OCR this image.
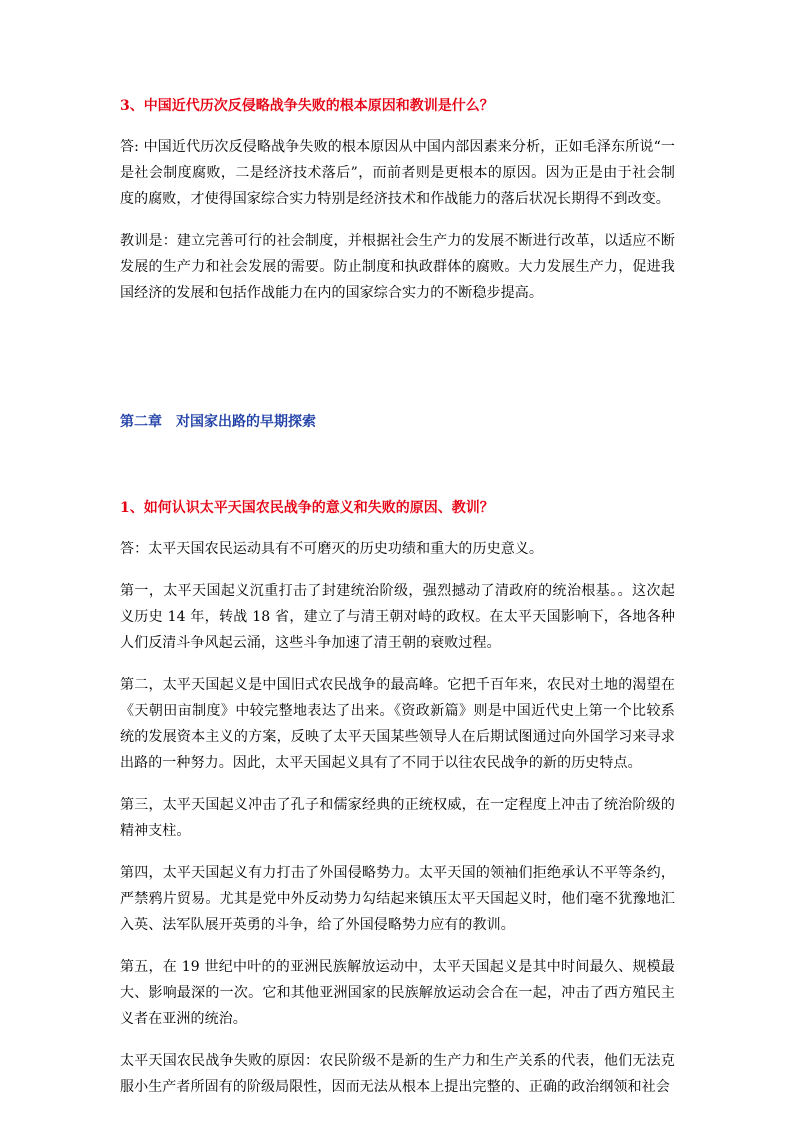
3、中国近代历次反侵略战争失败的根本原因和教训是什么？

答: 中国近代历次反侵略战争失败的根本原因从中国内部因素来分析，正如毛泽东所说“一是社会制度腐败，二是经济技术落后”，而前者则是更根本的原因。因为正是由于社会制度的腐败，才使得国家综合实力特别是经济技术和作战能力的落后状况长期得不到改变。

教训是：建立完善可行的社会制度，并根据社会生产力的发展不断进行改革，以适应不断发展的生产力和社会发展的需要。防止制度和执政群体的腐败。大力发展生产力，促进我国经济的发展和包括作战能力在内的国家综合实力的不断稳步提高。

第二章　对国家出路的早期探索

1、如何认识太平天国农民战争的意义和失败的原因、教训？

答：太平天国农民运动具有不可磨灭的历史功绩和重大的历史意义。

第一，太平天国起义沉重打击了封建统治阶级，强烈撼动了清政府的统治根基。。这次起义历史 14 年，转战 18 省，建立了与清王朝对峙的政权。在太平天国影响下，各地各种人们反清斗争风起云涌，这些斗争加速了清王朝的衰败过程。

第二，太平天国起义是中国旧式农民战争的最高峰。它把千百年来，农民对土地的渴望在《天朝田亩制度》中较完整地表达了出来。《资政新篇》则是中国近代史上第一个比较系统的发展资本主义的方案，反映了太平天国某些领导人在后期试图通过向外国学习来寻求出路的一种努力。因此，太平天国起义具有了不同于以往农民战争的新的历史特点。

第三，太平天国起义冲击了孔子和儒家经典的正统权威，在一定程度上冲击了统治阶级的精神支柱。

第四，太平天国起义有力打击了外国侵略势力。太平天国的领袖们拒绝承认不平等条约，严禁鸦片贸易。尤其是党中外反动势力勾结起来镇压太平天国起义时，他们毫不犹豫地汇入英、法军队展开英勇的斗争，给了外国侵略势力应有的教训。

第五，在 19 世纪中叶的的亚洲民族解放运动中，太平天国起义是其中时间最久、规模最大、影响最深的一次。它和其他亚洲国家的民族解放运动会合在一起，冲击了西方殖民主义者在亚洲的统治。

太平天国农民战争失败的原因：农民阶级不是新的生产力和生产关系的代表，他们无法克服小生产者所固有的阶级局限性，因而无法从根本上提出完整的、正确的政治纲领和社会
